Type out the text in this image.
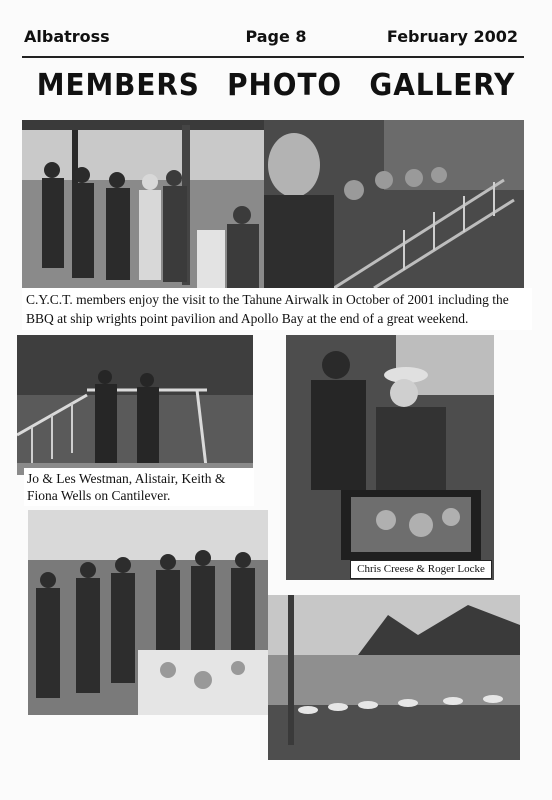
Albatross	Page 8	February 2002
MEMBERS PHOTO GALLERY
C.Y.C.T. members enjoy the visit to the Tahune Airwalk in October of 2001 including the BBQ at ship wrights point pavilion and Apollo Bay at the end of a great weekend.
Jo & Les Westman, Alistair, Keith & Fiona Wells on Cantilever.
Chris Creese & Roger Locke
